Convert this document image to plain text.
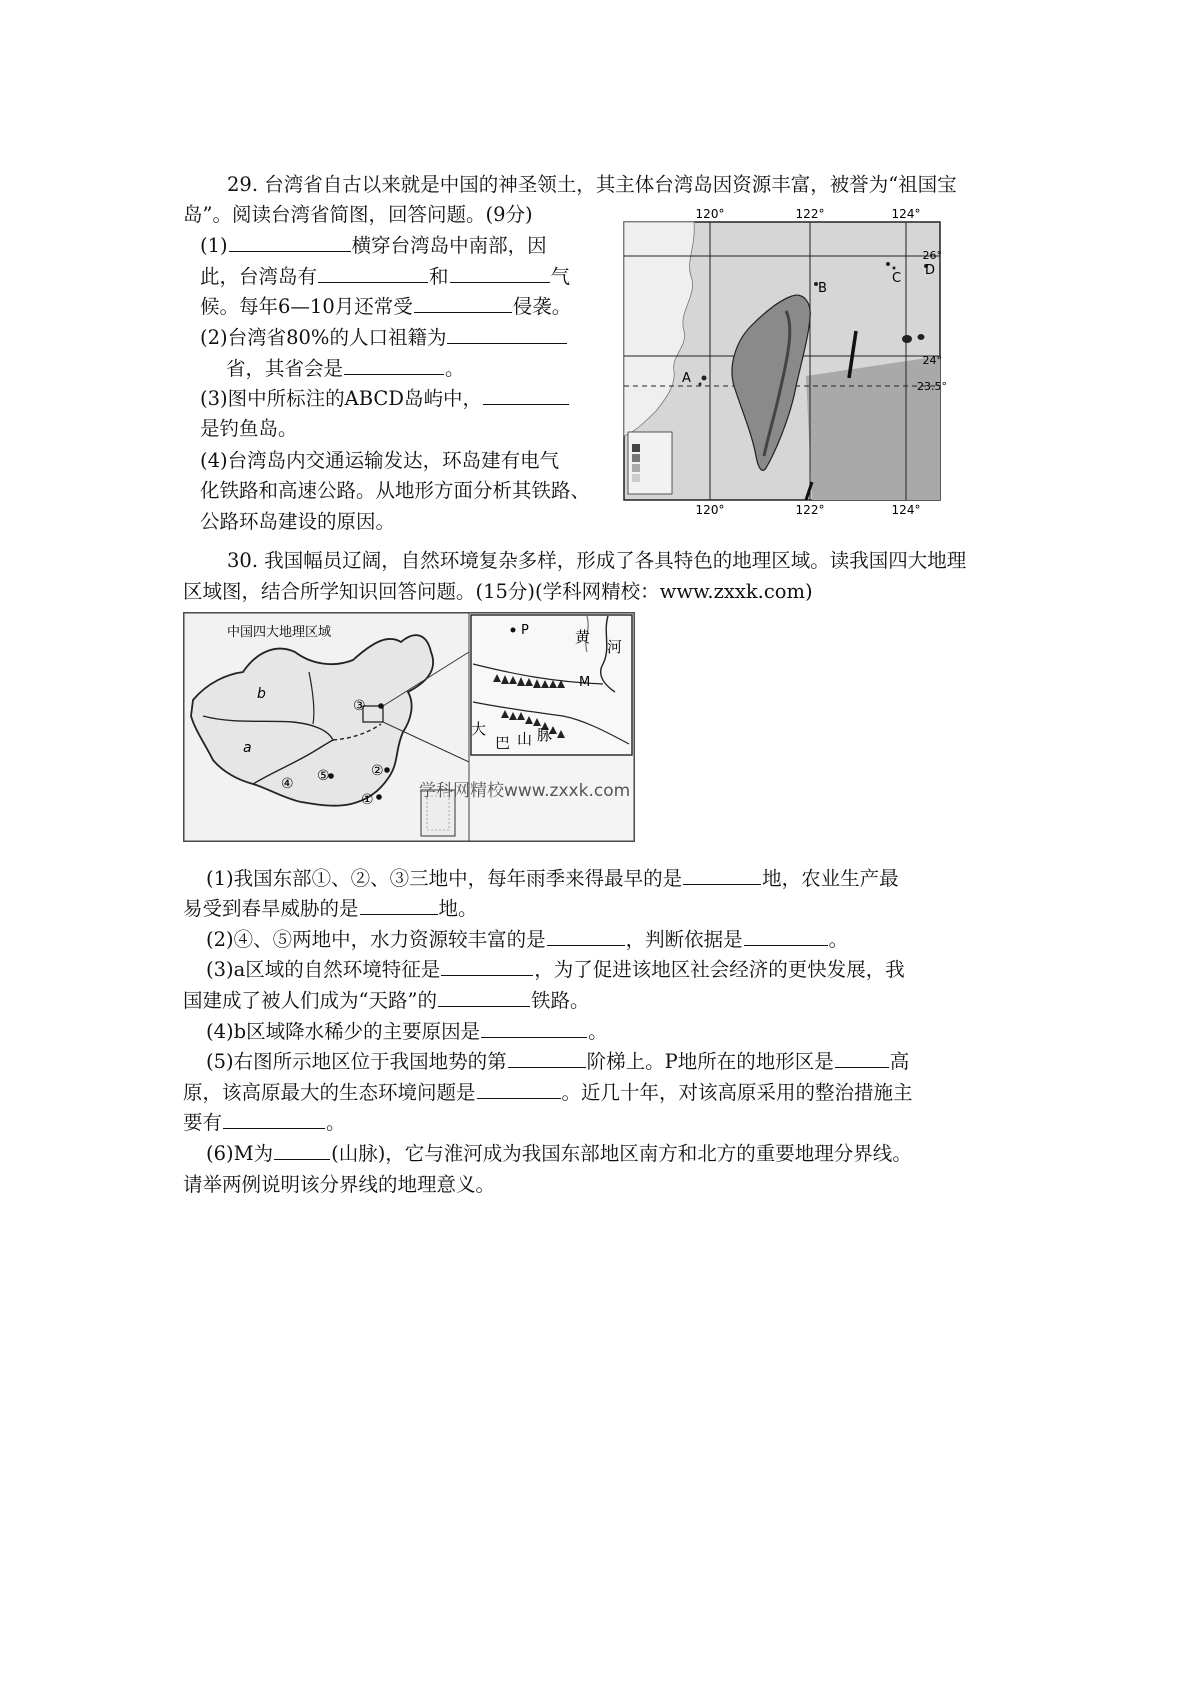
29. 台湾省自古以来就是中国的神圣领土，其主体台湾岛因资源丰富，被誉为“祖国宝
岛”。阅读台湾省简图，回答问题。(9分)
(1)	横穿台湾岛中南部，因
此，台湾岛有	和	气
候。每年6—10月还常受	侵袭。
(2)台湾省80%的人口祖籍为
省，其省会是	。
(3)图中所标注的ABCD岛屿中，
是钓鱼岛。
(4)台湾岛内交通运输发达，环岛建有电气
化铁路和高速公路。从地形方面分析其铁路、
公路环岛建设的原因。
120°	122°	124°
120°	122°	124°
26°
24°
23.5°
A
B
C
D
30. 我国幅员辽阔，自然环境复杂多样，形成了各具特色的地理区域。读我国四大地理
区域图，结合所学知识回答问题。(15分)(学科网精校：www.zxxk.com)
中国四大地理区域
b
a
③
④ ⑤	②
①
P	黄
河
M
大
巴 山 脉
学科网精校www.zxxk.com
(1)我国东部①、②、③三地中，每年雨季来得最早的是	地，农业生产最
易受到春旱威胁的是	地。
(2)④、⑤两地中，水力资源较丰富的是	，判断依据是	。
(3)a区域的自然环境特征是	，为了促进该地区社会经济的更快发展，我
国建成了被人们成为“天路”的	铁路。
(4)b区域降水稀少的主要原因是	。
(5)右图所示地区位于我国地势的第	阶梯上。P地所在的地形区是	高
原，该高原最大的生态环境问题是	。近几十年，对该高原采用的整治措施主
要有	。
(6)M为	(山脉)，它与淮河成为我国东部地区南方和北方的重要地理分界线。
请举两例说明该分界线的地理意义。
